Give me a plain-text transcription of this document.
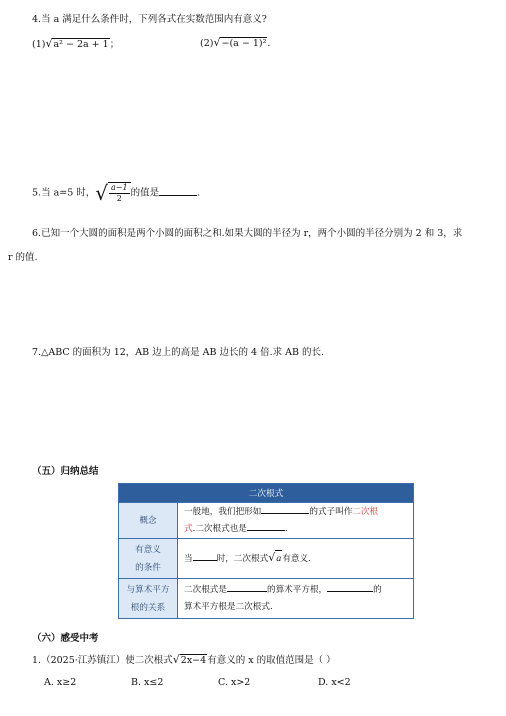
4.当 a 满足什么条件时，下列各式在实数范围内有意义?
(1)√a² − 2a + 1；	(2)√−(a − 1)².
5.当 a=5 时，√ $\frac{a-1}{2}$ 的值是	.
6.已知一个大圆的面积是两个小圆的面积之和.如果大圆的半径为 r，两个小圆的半径分别为 2 和 3，求
r 的值.
7.△ABC 的面积为 12，AB 边上的高是 AB 边长的 4 倍.求 AB 的长.
（五）归纳总结
二次根式	
概念	一般地，我们把形如 的式子叫作二次根
式.二次根式也是 .
有意义
的条件	当 时，二次根式√a有意义.
与算术平方
根的关系	二次根式是 的算术平方根， 的
算术平方根是二次根式.
（六）感受中考
1.（2025·江苏镇江）使二次根式√2x−4有意义的 x 的取值范围是（ ）
A. x≥2	B. x≤2	C. x>2	D. x<2
